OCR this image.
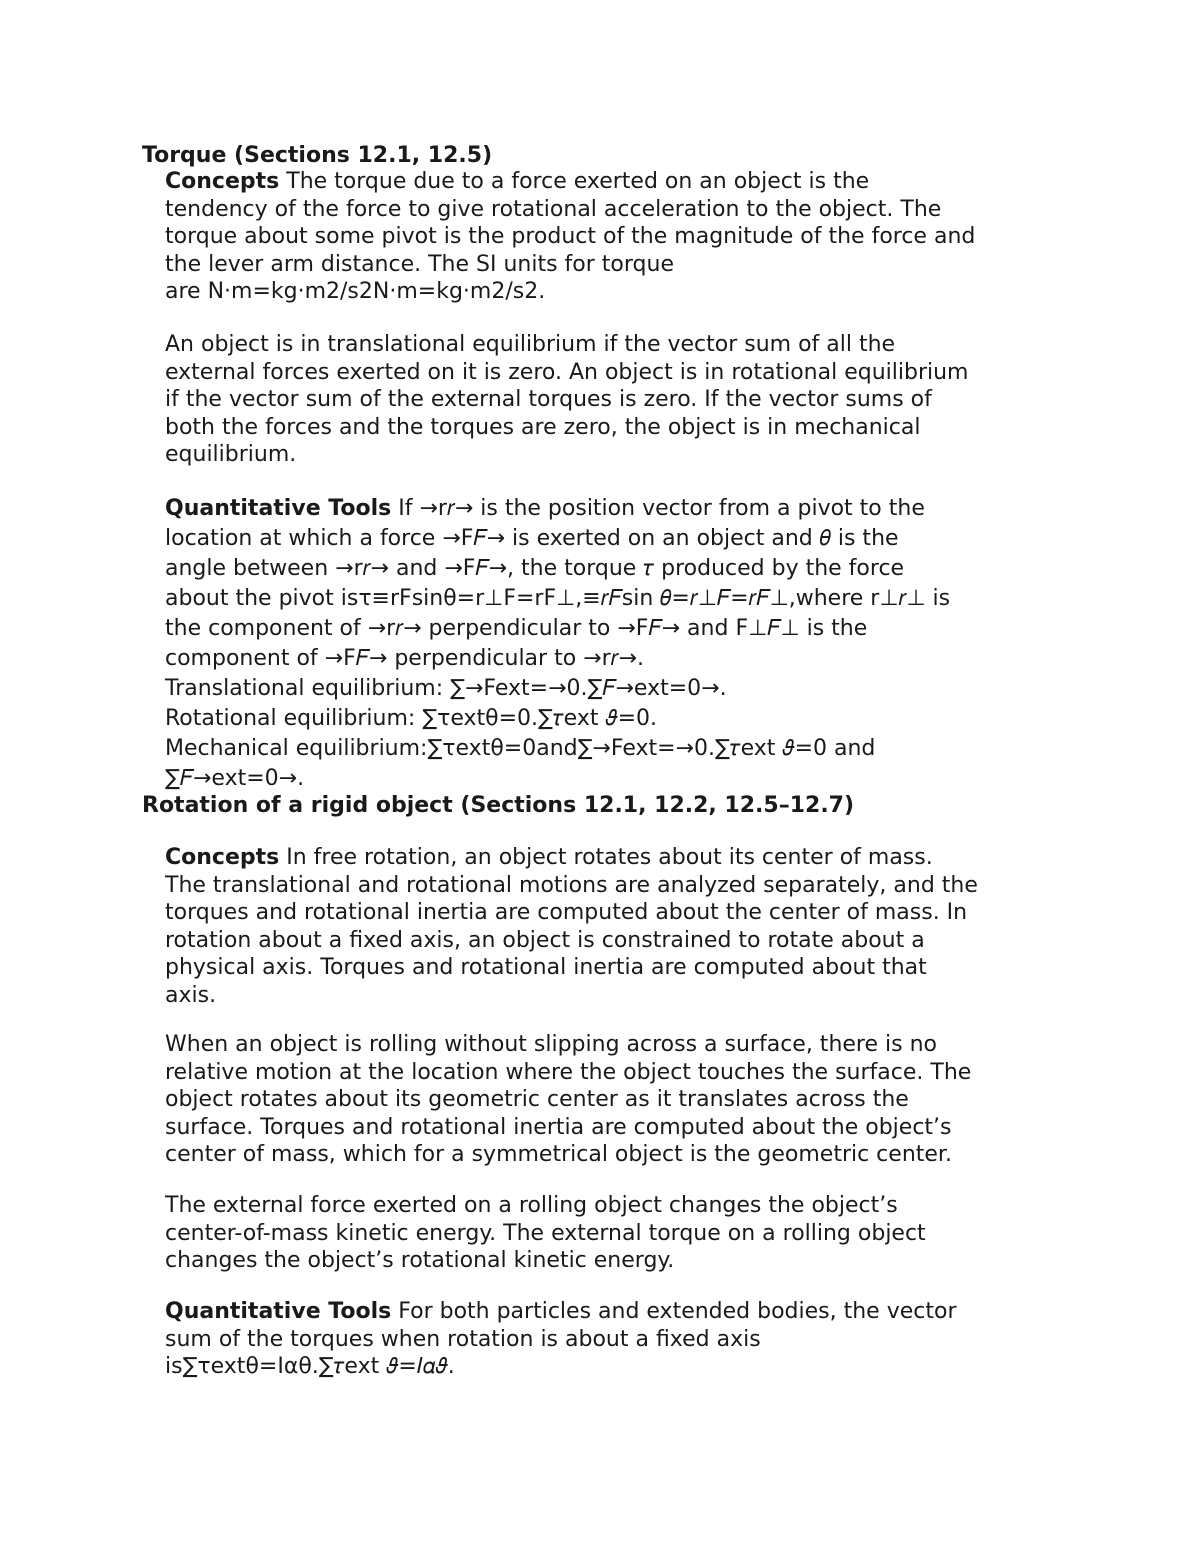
Torque (Sections 12.1, 12.5)
Concepts The torque due to a force exerted on an object is the
tendency of the force to give rotational acceleration to the object. The
torque about some pivot is the product of the magnitude of the force and
the lever arm distance. The SI units for torque
are N·m=kg·m2/s2N·m=kg·m2/s2.
An object is in translational equilibrium if the vector sum of all the
external forces exerted on it is zero. An object is in rotational equilibrium
if the vector sum of the external torques is zero. If the vector sums of
both the forces and the torques are zero, the object is in mechanical
equilibrium.
Quantitative Tools If →r𝑟→ is the position vector from a pivot to the
location at which a force →F𝐹→ is exerted on an object and 𝜃 is the
angle between →r𝑟→ and →F𝐹→, the torque 𝜏 produced by the force
about the pivot isτ≡rFsinθ=r⊥F=rF⊥,≡𝑟𝐹sin 𝜃=𝑟⊥𝐹=𝑟𝐹⊥,where r⊥𝑟⊥ is
the component of →r𝑟→ perpendicular to →F𝐹→ and F⊥𝐹⊥ is the
component of →F𝐹→ perpendicular to →r𝑟→.
Translational equilibrium: ∑→Fext=→0.∑𝐹→ext=0→.
Rotational equilibrium: ∑τextθ=0.∑𝜏ext 𝜗=0.
Mechanical equilibrium:∑τextθ=0and∑→Fext=→0.∑𝜏ext 𝜗=0 and
∑𝐹→ext=0→.
Rotation of a rigid object (Sections 12.1, 12.2, 12.5–12.7)
Concepts In free rotation, an object rotates about its center of mass.
The translational and rotational motions are analyzed separately, and the
torques and rotational inertia are computed about the center of mass. In
rotation about a fixed axis, an object is constrained to rotate about a
physical axis. Torques and rotational inertia are computed about that
axis.
When an object is rolling without slipping across a surface, there is no
relative motion at the location where the object touches the surface. The
object rotates about its geometric center as it translates across the
surface. Torques and rotational inertia are computed about the object’s
center of mass, which for a symmetrical object is the geometric center.
The external force exerted on a rolling object changes the object’s
center-of-mass kinetic energy. The external torque on a rolling object
changes the object’s rotational kinetic energy.
Quantitative Tools For both particles and extended bodies, the vector
sum of the torques when rotation is about a fixed axis
is∑τextθ=Iαθ.∑𝜏ext 𝜗=𝐼𝛼𝜗.
